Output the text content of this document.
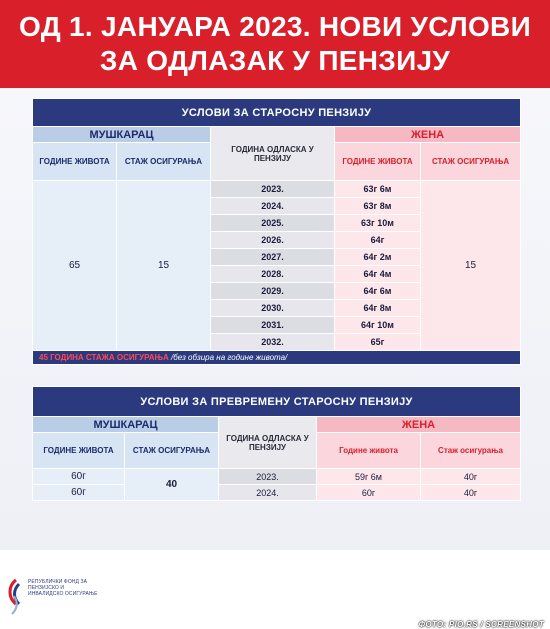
ОД 1. ЈАНУАРА 2023. НОВИ УСЛОВИ
ЗА ОДЛАЗАК У ПЕНЗИЈУ
УСЛОВИ ЗА СТАРОСНУ ПЕНЗИЈУ				
МУШКАРАЦ		ГОДИНА ОДЛАСКА У ПЕНЗИЈУ	ЖЕНА	
ГОДИНЕ ЖИВОТА	СТАЖ ОСИГУРАЊА		ГОДИНЕ ЖИВОТА	СТАЖ ОСИГУРАЊА
65	15	2023.	63г 6м	15
		2024.	63г 8м	
		2025.	63г 10м	
		2026.	64г	
		2027.	64г 2м	
		2028.	64г 4м	
		2029.	64г 6м	
		2030.	64г 8м	
		2031.	64г 10м	
		2032.	65г	
45 ГОДИНА СТАЖА ОСИГУРАЊА /без обзира на године живота/				
УСЛОВИ ЗА ПРЕВРЕМЕНУ СТАРОСНУ ПЕНЗИЈУ				
МУШКАРАЦ		ГОДИНА ОДЛАСКА У ПЕНЗИЈУ	ЖЕНА	
ГОДИНЕ ЖИВОТА	СТАЖ ОСИГУРАЊА		Године живота	Стаж осигурања
60г	40	2023.	59г 6м	40г
60г		2024.	60г	40г
РЕПУБЛИЧКИ ФОНД ЗА ПЕНЗИЈСКО И ИНВАЛИДСКО ОСИГУРАЊЕ
ФОТО: PIO.RS / SCREENSHOT
